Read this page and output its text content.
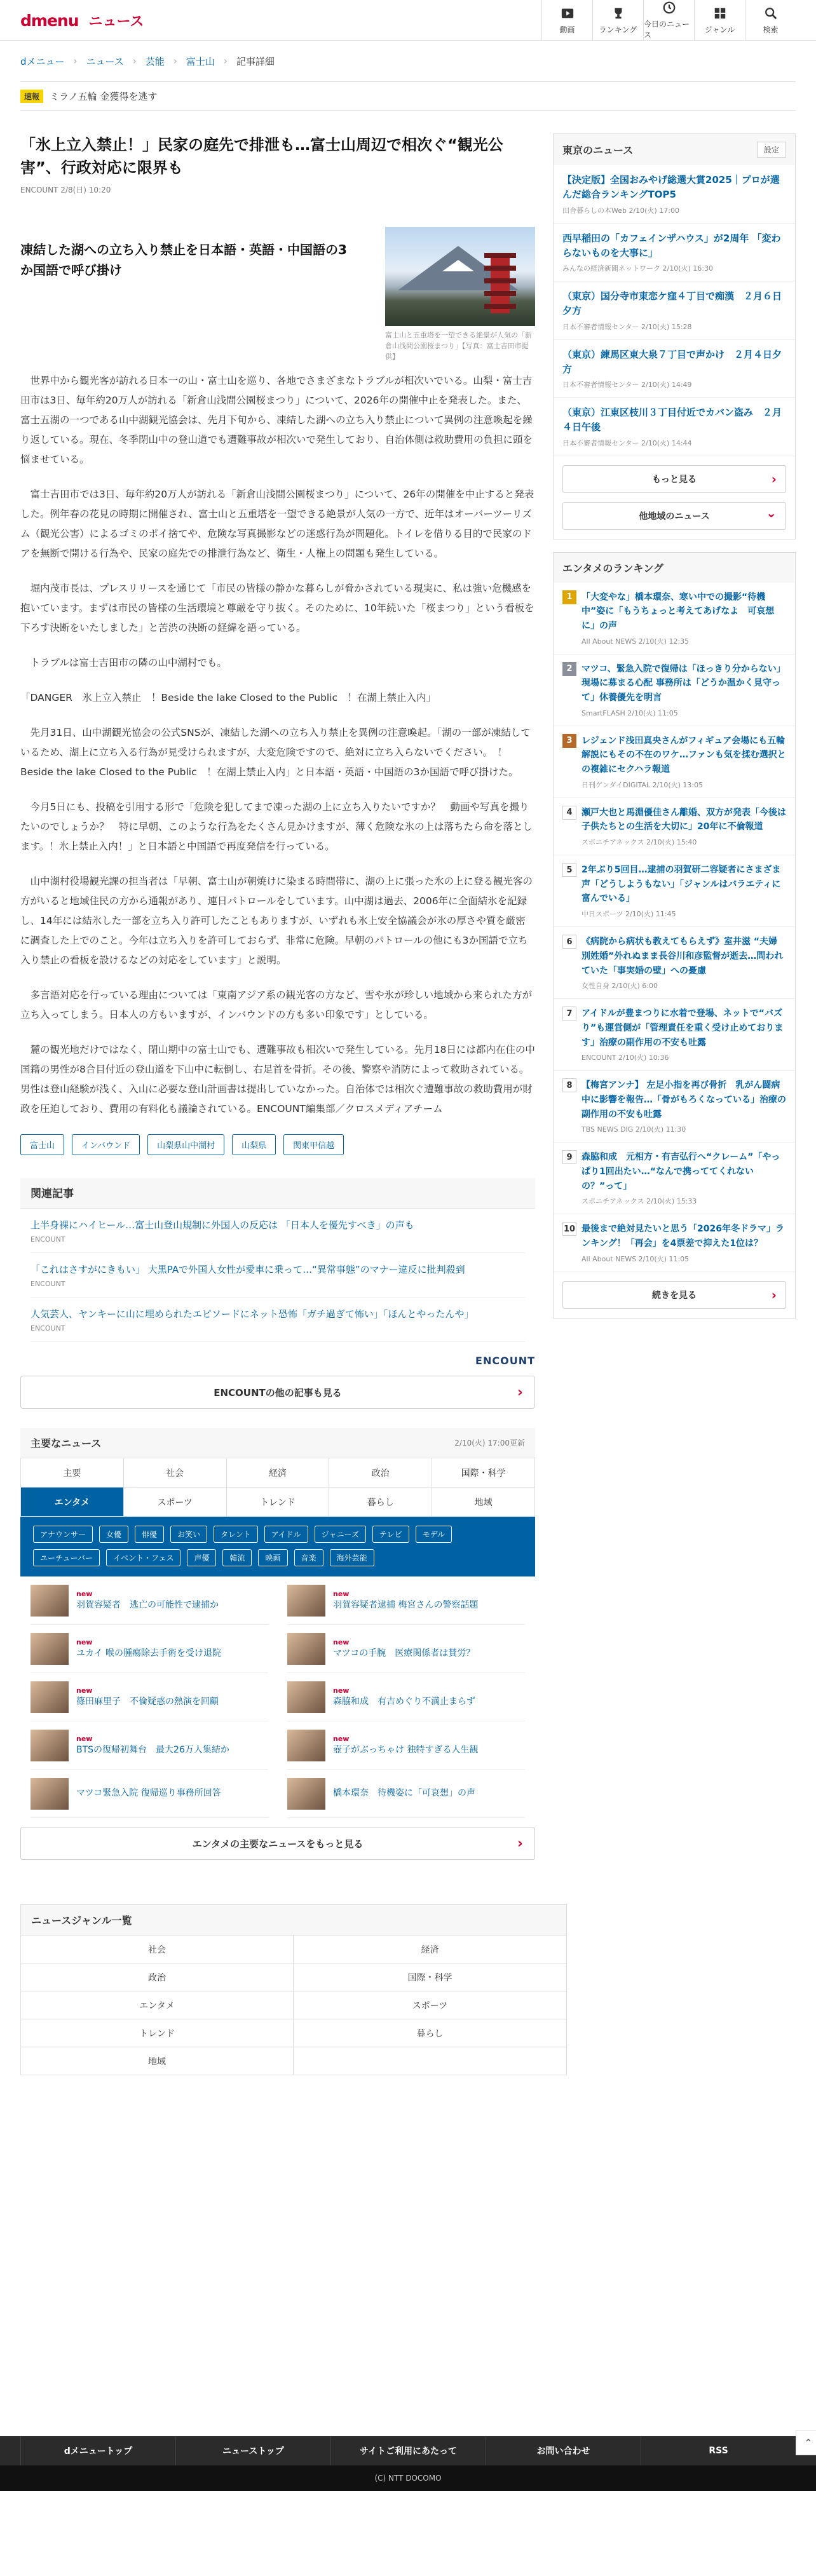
dmenu ニュース	動画	ランキング
今日のニュース
ジャンル	検索
dメニュー › ニュース › 芸能 › 富士山 › 記事詳細
速報	ミラノ五輪 金獲得を逃す
「氷上立入禁止！」民家の庭先で排泄も…富士山周辺で相次ぐ“観光公害”、行政対応に限界も
ENCOUNT 2/8(日) 10:20
凍結した湖への立ち入り禁止を日本語・英語・中国語の3か国語で呼び掛け

富士山と五重塔を一望できる絶景が人気の「新倉山浅間公園桜まつり」【写真：富士吉田市提供】

世界中から観光客が訪れる日本一の山・富士山を巡り、各地でさまざまなトラブルが相次いでいる。山梨・富士吉田市は3日、毎年約20万人が訪れる「新倉山浅間公園桜まつり」について、2026年の開催中止を発表した。また、富士五湖の一つである山中湖観光協会は、先月下旬から、凍結した湖への立ち入り禁止について異例の注意喚起を繰り返している。現在、冬季閉山中の登山道でも遭難事故が相次いで発生しており、自治体側は救助費用の負担に頭を悩ませている。

富士吉田市では3日、毎年約20万人が訪れる「新倉山浅間公園桜まつり」について、26年の開催を中止すると発表した。例年春の花見の時期に開催され、富士山と五重塔を一望できる絶景が人気の一方で、近年はオーバーツーリズム（観光公害）によるゴミのポイ捨てや、危険な写真撮影などの迷惑行為が問題化。トイレを借りる目的で民家のドアを無断で開ける行為や、民家の庭先での排泄行為など、衛生・人権上の問題も発生している。

堀内茂市長は、プレスリリースを通じて「市民の皆様の静かな暮らしが脅かされている現実に、私は強い危機感を抱いています。まずは市民の皆様の生活環境と尊厳を守り抜く。そのために、10年続いた「桜まつり」という看板を下ろす決断をいたしました」と苦渋の決断の経緯を語っている。

トラブルは富士吉田市の隣の山中湖村でも。

「DANGER　氷上立入禁止　！Beside the lake Closed to the Public　！在湖上禁止入内」

先月31日、山中湖観光協会の公式SNSが、凍結した湖への立ち入り禁止を異例の注意喚起。「湖の一部が凍結しているため、湖上に立ち入る行為が見受けられますが、大変危険ですので、絶対に立ち入らないでください。　！Beside the lake Closed to the Public　！在湖上禁止入内」と日本語・英語・中国語の3か国語で呼び掛けた。

今月5日にも、投稿を引用する形で「危険を犯してまで凍った湖の上に立ち入りたいですか？　動画や写真を撮りたいのでしょうか？　特に早朝、このような行為をたくさん見かけますが、薄く危険な氷の上は落ちたら命を落とします。！氷上禁止入内！」と日本語と中国語で再度発信を行っている。

山中湖村役場観光課の担当者は「早朝、富士山が朝焼けに染まる時間帯に、湖の上に張った氷の上に登る観光客の方がいると地域住民の方から通報があり、連日パトロールをしています。山中湖は過去、2006年に全面結氷を記録し、14年には結氷した一部を立ち入り許可したこともありますが、いずれも氷上安全協議会が氷の厚さや質を厳密に調査した上でのこと。今年は立ち入りを許可しておらず、非常に危険。早朝のパトロールの他にも3か国語で立ち入り禁止の看板を設けるなどの対応をしています」と説明。

多言語対応を行っている理由については「東南アジア系の観光客の方など、雪や氷が珍しい地域から来られた方が立ち入ってしまう。日本人の方もいますが、インバウンドの方も多い印象です」としている。

麓の観光地だけではなく、閉山期中の富士山でも、遭難事故も相次いで発生している。先月18日には都内在住の中国籍の男性が8合目付近の登山道を下山中に転倒し、右足首を骨折。その後、警察や消防によって救助されている。男性は登山経験が浅く、入山に必要な登山計画書は提出していなかった。自治体では相次ぐ遭難事故の救助費用が財政を圧迫しており、費用の有料化も議論されている。ENCOUNT編集部／クロスメディアチーム

富士山	インバウンド	山梨県山中湖村	山梨県	関東甲信越
関連記事
上半身裸にハイヒール…富士山登山規制に外国人の反応は 「日本人を優先すべき」の声も
ENCOUNT
「これはさすがにきもい」 大黒PAで外国人女性が愛車に乗って…“異常事態”のマナー違反に批判殺到
ENCOUNT
人気芸人、ヤンキーに山に埋められたエピソードにネット恐怖「ガチ過ぎて怖い」「ほんとやったんや」
ENCOUNT
ENCOUNT
ENCOUNTの他の記事も見る ›
主要なニュース	2/10(火) 17:00更新
主要	社会	経済	政治	国際・科学
エンタメ	スポーツ	トレンド	暮らし	地域
アナウンサー	女優	俳優	お笑い	タレント	アイドル	ジャニーズ	テレビ	モデル
ユーチューバー	イベント・フェス	声優	韓流	映画	音楽	海外芸能
new
羽賀容疑者　逃亡の可能性で逮捕か
new
羽賀容疑者逮捕 梅宮さんの警察話題
new
ユカイ 喉の腫瘍除去手術を受け退院
new
マツコの手腕　医療関係者は賛労？
new
篠田麻里子　不倫疑惑の熱演を回顧
new
森脇和成　有吉めぐり不満止まらず
new
BTSの復帰初舞台　最大26万人集結か
new
壺子がぶっちゃけ 独特すぎる人生観
マツコ緊急入院 復帰巡り事務所回答	橋本環奈　待機姿に「可哀想」の声
エンタメの主要なニュースをもっと見る ›
東京のニュース	設定
【決定版】全国おみやげ総選大賞2025｜プロが選んだ総合ランキングTOP5
田舎暮らしの本Web 2/10(火) 17:00
西早稲田の「カフェインザハウス」が2周年 「変わらないものを大事に」
みんなの経済新聞ネットワーク 2/10(火) 16:30
（東京）国分寺市東恋ケ窪４丁目で痴漢　２月６日夕方
日本不審者情報センター 2/10(火) 15:28
（東京）練馬区東大泉７丁目で声かけ　２月４日夕方
日本不審者情報センター 2/10(火) 14:49
（東京）江東区枝川３丁目付近でカバン盗み　２月４日午後
日本不審者情報センター 2/10(火) 14:44
もっと見る ›
他地域のニュース ⌄
エンタメのランキング
1	「大変やな」橋本環奈、寒い中での撮影“待機中”姿に「もうちょっと考えてあげなよ　可哀想に」の声
All About NEWS 2/10(火) 12:35
2	マツコ、緊急入院で復帰は「ほっきり分からない」現場に募まる心配 事務所は「どうか温かく見守って」休養優先を明言
SmartFLASH 2/10(火) 11:05
3	レジェンド浅田真央さんがフィギュア会場にも五輪解説にもその不在のワケ…ファンも気を揉む選択との複雑にセクハラ報道
日刊ゲンダイDIGITAL 2/10(火) 13:05
4	瀬戸大也と馬淵優佳さん離婚、双方が発表「今後は子供たちとの生活を大切に」20年に不倫報道
スポニチアネックス 2/10(火) 15:40
5	2年ぶり5回目…逮捕の羽賀研二容疑者にさまざま声「どうしようもない」「ジャンルはバラエティに富んでいる」
中日スポーツ 2/10(火) 11:45
6	《病院から病状も教えてもらえず》室井滋 “夫婦別姓婚”外れぬまま長谷川和彦監督が逝去…問われていた「事実婚の壁」への憂慮
女性自身 2/10(火) 6:00
7	アイドルが豊まつりに水着で登場、ネットで“バズり”も運営側が「管理責任を重く受け止めております」治療の副作用の不安も吐露
ENCOUNT 2/10(火) 10:36
8	【梅宮アンナ】 左足小指を再び骨折　乳がん闘病中に影響を報告…「骨がもろくなっている」治療の副作用の不安も吐露
TBS NEWS DIG 2/10(火) 11:30
9	森脇和成　元相方・有吉弘行へ“クレーム”「やっぱり1回出たい…“なんで携っててくれないの？”って」
スポニチアネックス 2/10(火) 15:33
10 最後まで絶対見たいと思う「2026年冬ドラマ」ランキング！「再会」を4票差で抑えた1位は？
All About NEWS 2/10(火) 11:05
続きを見る ›
ニュースジャンル一覧
社会	経済
政治	国際・科学
エンタメ	スポーツ
トレンド	暮らし
地域
⌃
dメニュートップ	ニューストップ	サイトご利用にあたって	お問い合わせ	RSS
(C) NTT DOCOMO
